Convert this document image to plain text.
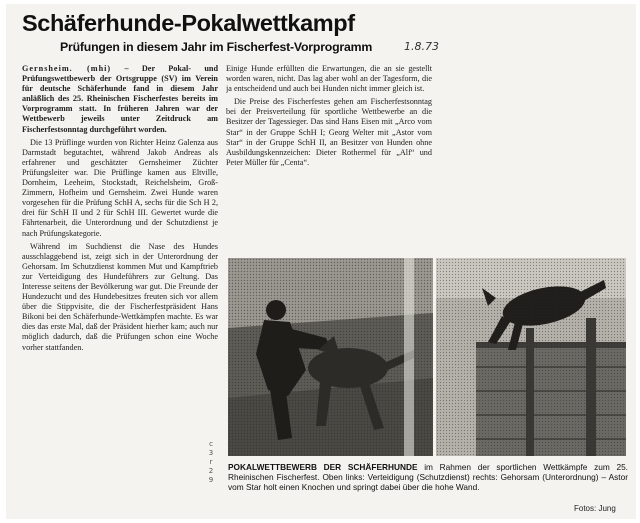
Schäferhunde-Pokalwettkampf
Prüfungen in diesem Jahr im Fischerfest-Vorprogramm	1.8.73

Gernsheim. (mhi) – Der Pokal- und Prüfungswettbewerb der Ortsgruppe (SV) im Verein für deutsche Schäferhunde fand in diesem Jahr anläßlich des 25. Rheinischen Fischerfestes bereits im Vorprogramm statt. In früheren Jahren war der Wettbewerb jeweils unter Zeitdruck am Fischerfestsonntag durchgeführt worden.

Die 13 Prüflinge wurden von Richter Heinz Galenza aus Darmstadt begutachtet, während Jakob Andreas als erfahrener und geschätzter Gernsheimer Züchter Prüfungsleiter war. Die Prüflinge kamen aus Eltville, Dornheim, Leeheim, Stockstadt, Reichelsheim, Groß-Zimmern, Hofheim und Gernsheim. Zwei Hunde waren vorgesehen für die Prüfung SchH A, sechs für die Sch H 2, drei für SchH II und 2 für SchH III. Gewertet wurde die Fährtenarbeit, die Unterordnung und der Schutzdienst je nach Prüfungskategorie.

Während im Suchdienst die Nase des Hundes ausschlaggebend ist, zeigt sich in der Unterordnung der Gehorsam. Im Schutzdienst kommen Mut und Kampftrieb zur Verteidigung des Hundeführers zur Geltung. Das Interesse seitens der Bevölkerung war gut. Die Freunde der Hundezucht und des Hundebesitzes freuten sich vor allem über die Stippvisite, die der Fischerfestpräsident Hans Bikoni bei den Schäferhunde-Wettkämpfen machte. Es war dies das erste Mal, daß der Präsident hierher kam; auch nur möglich dadurch, daß die Prüfungen schon eine Woche vorher stattfanden.

Einige Hunde erfüllten die Erwartungen, die an sie gestellt worden waren, nicht. Das lag aber wohl an der Tagesform, die ja entscheidend und auch bei Hunden nicht immer gleich ist.

Die Preise des Fischerfestes gehen am Fischerfestsonntag bei der Preisverteilung für sportliche Wettbewerbe an die Besitzer der Tagessieger. Das sind Hans Eisen mit „Arco vom Star“ in der Gruppe SchH I; Georg Welter mit „Astor vom Star“ in der Gruppe SchH II, an Besitzer von Hunden ohne Ausbildungskennzeichen: Dieter Rothermel für „Alf“ und Peter Müller für „Centa“.

c
3
r
2
9
POKALWETTBEWERB DER SCHÄFERHUNDE im Rahmen der sportlichen Wettkämpfe zum 25. Rheinischen Fischerfest. Oben links: Verteidigung (Schutzdienst) rechts: Gehorsam (Unterordnung) – Astor vom Star holt einen Knochen und springt dabei über die hohe Wand.
Fotos: Jung
